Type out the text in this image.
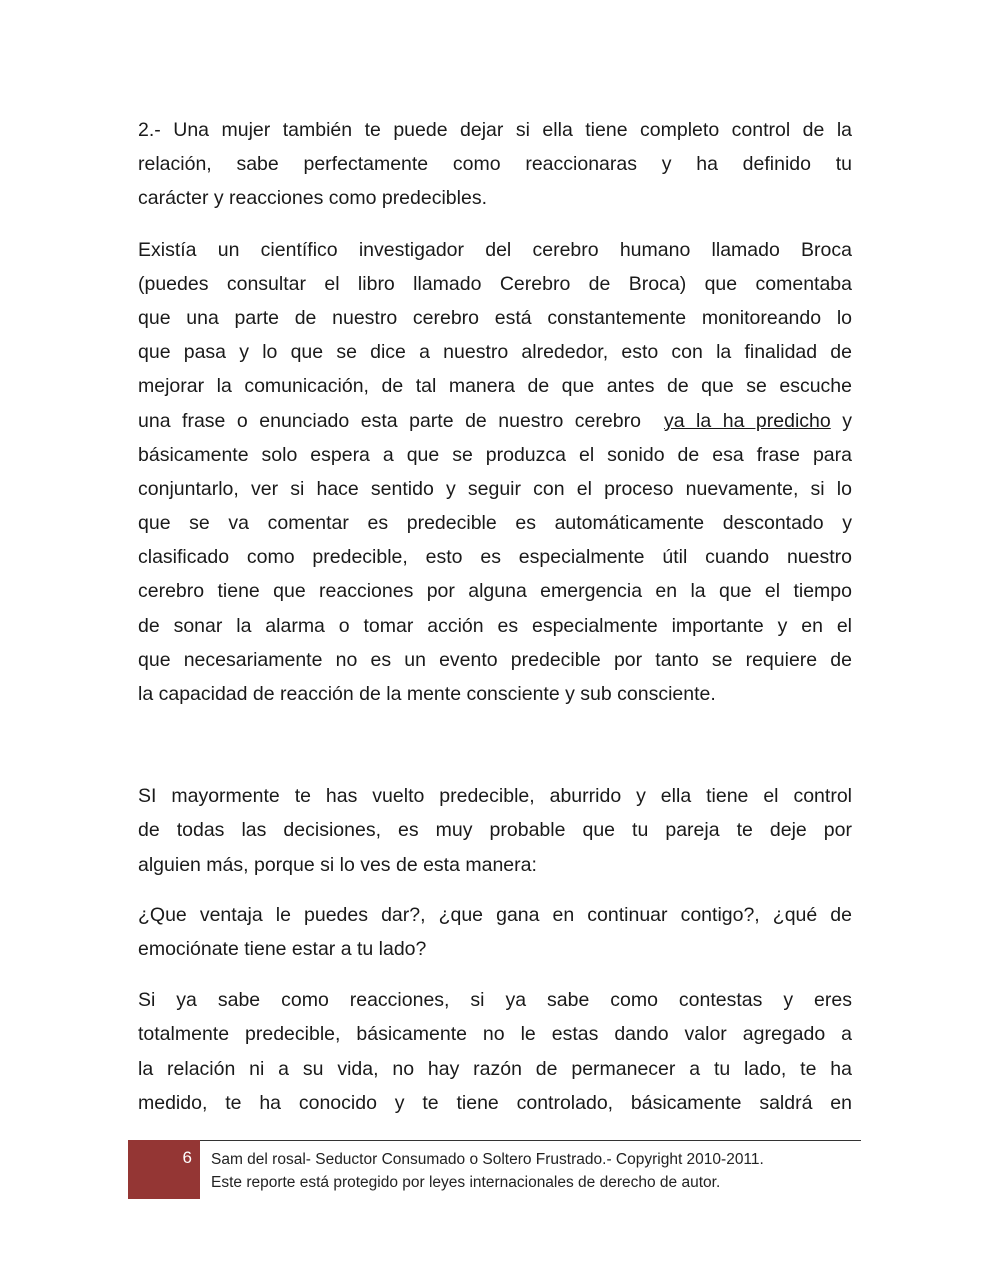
2.- Una mujer también te puede dejar si ella tiene completo control de la
relación, sabe perfectamente como reaccionaras y ha definido tu
carácter y reacciones como predecibles.
Existía un científico investigador del cerebro humano llamado Broca
(puedes consultar el libro llamado Cerebro de Broca) que comentaba
que una parte de nuestro cerebro está constantemente monitoreando lo
que pasa y lo que se dice a nuestro alrededor, esto con la finalidad de
mejorar la comunicación, de tal manera de que antes de que se escuche
una frase o enunciado esta parte de nuestro cerebro  ya la ha predicho y
básicamente solo espera a que se produzca el sonido de esa frase para
conjuntarlo, ver si hace sentido y seguir con el proceso nuevamente, si lo
que se va comentar es predecible es automáticamente descontado y
clasificado como predecible, esto es especialmente útil cuando nuestro
cerebro tiene que reacciones por alguna emergencia en la que el tiempo
de sonar la alarma o tomar acción es especialmente importante y en el
que necesariamente no es un evento predecible por tanto se requiere de
la capacidad de reacción de la mente consciente y sub consciente.
SI mayormente te has vuelto predecible, aburrido y ella tiene el control
de todas las decisiones, es muy probable que tu pareja te deje por
alguien más, porque si lo ves de esta manera:
¿Que ventaja le puedes dar?, ¿que gana en continuar contigo?, ¿qué de
emociónate tiene estar a tu lado?
Si ya sabe como reacciones, si ya sabe como contestas y eres
totalmente predecible, básicamente no le estas dando valor agregado a
la relación ni a su vida, no hay razón de permanecer a tu lado, te ha
medido, te ha conocido y te tiene controlado, básicamente saldrá en
6 Sam del rosal- Seductor Consumado o Soltero Frustrado.- Copyright 2010-2011.
Este reporte está protegido por leyes internacionales de derecho de autor.
